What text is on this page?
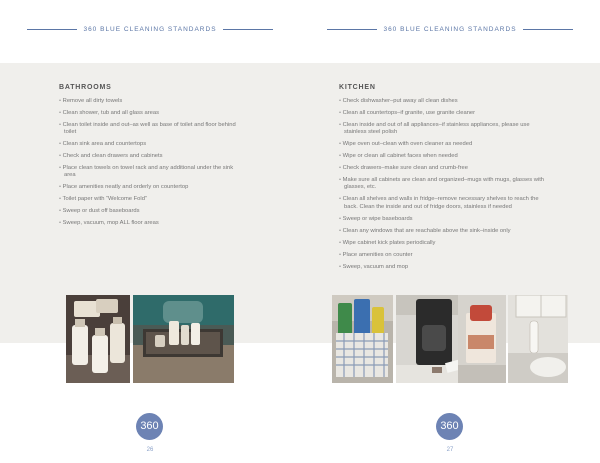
360 BLUE CLEANING STANDARDS
BATHROOMS
• Remove all dirty towels
• Clean shower, tub and all glass areas
• Clean toilet inside and out–as well as base of toilet and floor behind toilet
• Clean sink area and countertops
• Check and clean drawers and cabinets
• Place clean towels on towel rack and any additional under the sink area
• Place amenities neatly and orderly on countertop
• Toilet paper with “Welcome Fold”
• Sweep or dust off baseboards
• Sweep, vacuum, mop ALL floor areas
360
26
360 BLUE CLEANING STANDARDS
KITCHEN
• Check dishwasher–put away all clean dishes
• Clean all countertops–if granite, use granite cleaner
• Clean inside and out of all appliances–if stainless appliances, please use stainless steel polish
• Wipe oven out–clean with oven cleaner as needed
• Wipe or clean all cabinet faces when needed
• Check drawers–make sure clean and crumb-free
• Make sure all cabinets are clean and organized–mugs with mugs, glasses with glasses, etc.
• Clean all shelves and walls in fridge–remove necessary shelves to reach the back. Clean the inside and out of fridge doors, stainless if needed
• Sweep or wipe baseboards
• Clean any windows that are reachable above the sink–inside only
• Wipe cabinet kick plates periodically
• Place amenities on counter
• Sweep, vacuum and mop
360
27
